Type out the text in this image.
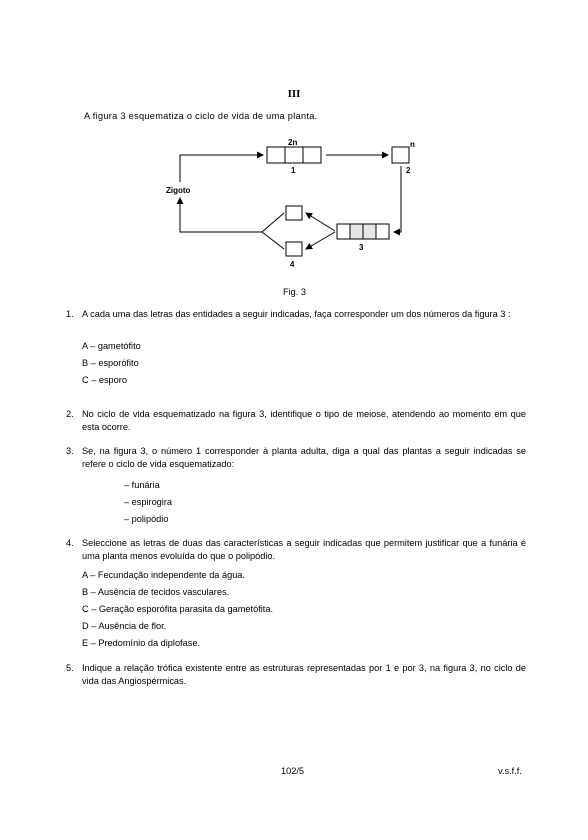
III
A figura 3 esquematiza o ciclo de vida de uma planta.
2n	n
1	2
3
4
Zigoto
Fig. 3
1. A cada uma das letras das entidades a seguir indicadas, faça corresponder um dos números da figura 3 :
A – gametófito
B – esporófito
C – esporo
2. No ciclo de vida esquematizado na figura 3, identifique o tipo de meiose, atendendo ao momento em que esta ocorre.
3. Se, na figura 3, o número 1 corresponder à planta adulta, diga a qual das plantas a seguir indicadas se refere o ciclo de vida esquematizado:
– funária
– espirogira
– polipódio
4. Seleccione as letras de duas das características a seguir indicadas que permitem justificar que a funária é uma planta menos evoluída do que o polipódio.
A – Fecundação independente da água.
B – Ausência de tecidos vasculares.
C – Geração esporófita parasita da gametófita.
D – Ausência de flor.
E – Predomínio da diplofase.
5. Indique a relação trófica existente entre as estruturas representadas por 1 e por 3, na figura 3, no ciclo de vida das Angiospérmicas.
102/5	v.s.f.f.
